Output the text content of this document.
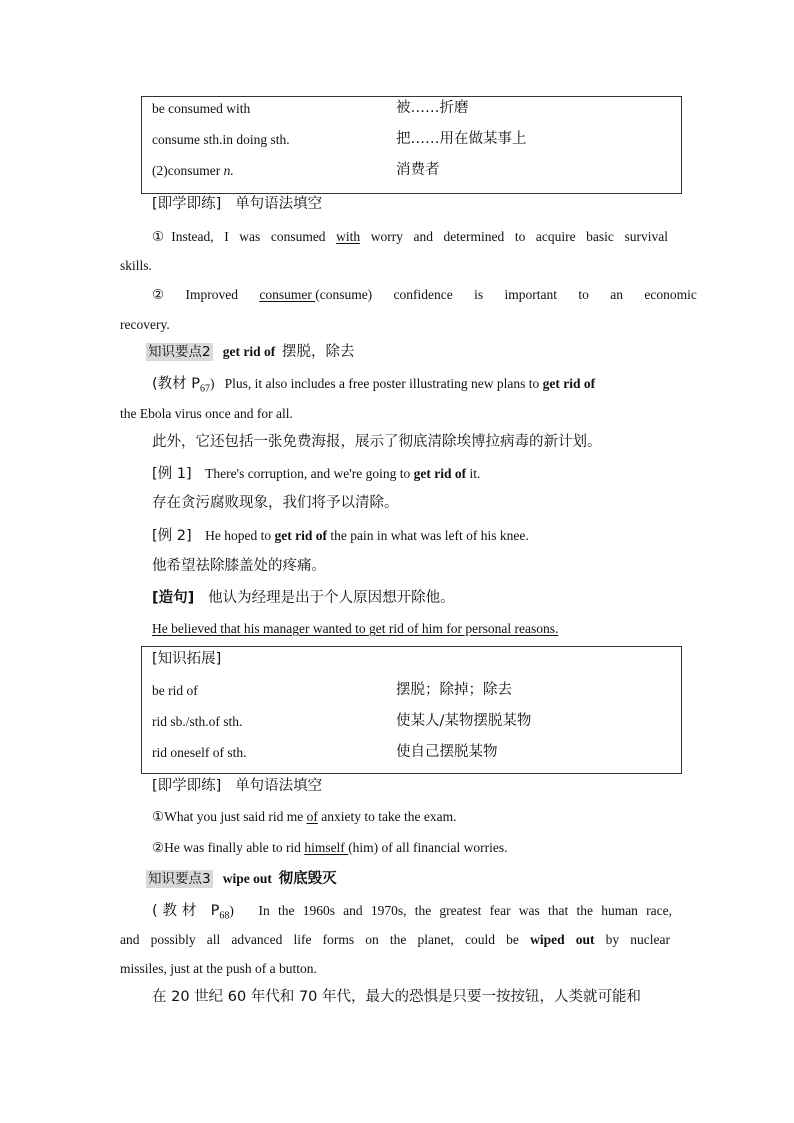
be consumed with	被……折磨
consume sth.in doing sth.	把……用在做某事上
(2)consumer n.	消费者
[即学即练] 单句语法填空
①Instead, I was consumed with worry and determined to acquire basic survival
skills.
② Improved consumer (consume) confidence is important to an economic
recovery.
知识要点2 get rid of 摆脱，除去
(教材 $P_{67}$) Plus, it also includes a free poster illustrating new plans to get rid of
the Ebola virus once and for all.
此外，它还包括一张免费海报，展示了彻底清除埃博拉病毒的新计划。
[例 1] There's corruption, and we're going to get rid of it.
存在贪污腐败现象，我们将予以清除。
[例 2] He hoped to get rid of the pain in what was left of his knee.
他希望祛除膝盖处的疼痛。
[造句] 他认为经理是出于个人原因想开除他。
He believed that his manager wanted to get rid of him for personal reasons.
[知识拓展]
be rid of	摆脱；除掉；除去
rid sb./sth.of sth.	使某人/某物摆脱某物
rid oneself of sth.	使自己摆脱某物
[即学即练] 单句语法填空
①What you just said rid me of anxiety to take the exam.
②He was finally able to rid himself (him) of all financial worries.
知识要点3 wipe out 彻底毁灭
(教材 $P_{68}$) In the 1960s and 1970s, the greatest fear was that the human race,
and possibly all advanced life forms on the planet, could be wiped out by nuclear
missiles, just at the push of a button.
在 20 世纪 60 年代和 70 年代，最大的恐惧是只要一按按钮，人类就可能和
